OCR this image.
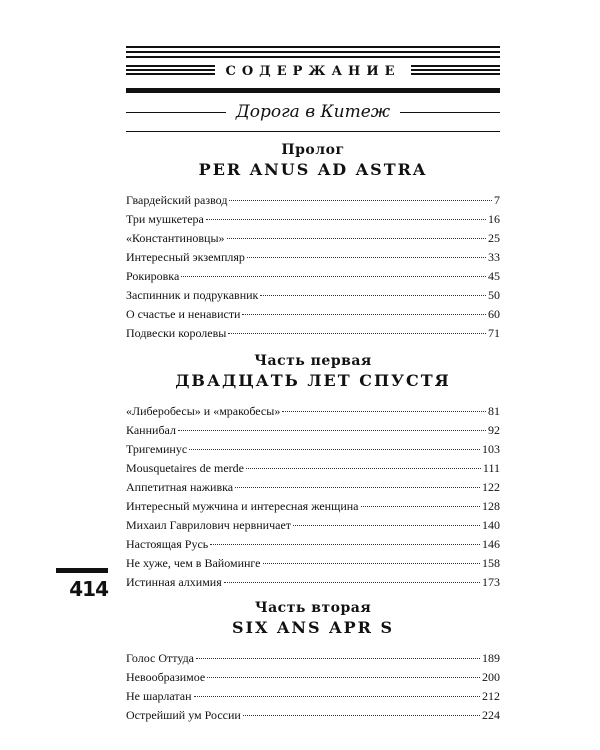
СОДЕРЖАНИЕ
Дорога в Китеж
Пролог
PER ANUS AD ASTRA
Гвардейский развод	7
Три мушкетера	16
«Константиновцы»	25
Интересный экземпляр	33
Рокировка	45
Заспинник и подрукавник	50
О счастье и ненависти	60
Подвески королевы	71
Часть первая
ДВАДЦАТЬ ЛЕТ СПУСТЯ
«Либеробесы» и «мракобесы»	81
Каннибал	92
Тригеминус	103
Mousquetaires de merde	111
Аппетитная наживка	122
Интересный мужчина и интересная женщина	128
Михаил Гаврилович нервничает	140
Настоящая Русь	146
Не хуже, чем в Вайоминге	158
Истинная алхимия	173
Часть вторая
SIX ANS APR S
Голос Оттуда	189
Невообразимое	200
Не шарлатан	212
Острейший ум России	224
414
